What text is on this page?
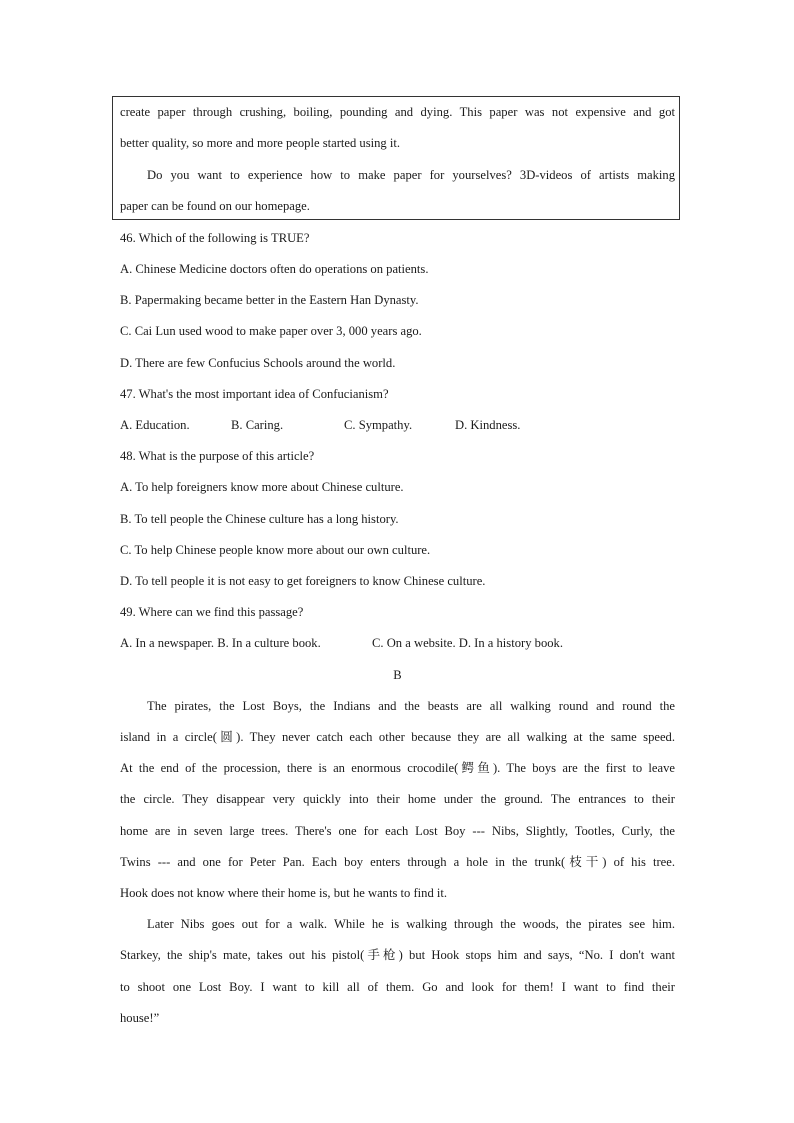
create paper through crushing, boiling, pounding and dying. This paper was not expensive and got
better quality, so more and more people started using it.
Do you want to experience how to make paper for yourselves? 3D-videos of artists making
paper can be found on our homepage.
46. Which of the following is TRUE?
A. Chinese Medicine doctors often do operations on patients.
B. Papermaking became better in the Eastern Han Dynasty.
C. Cai Lun used wood to make paper over 3, 000 years ago.
D. There are few Confucius Schools around the world.
47. What's the most important idea of Confucianism?
A. Education.	B. Caring.	C. Sympathy.	D. Kindness.
48. What is the purpose of this article?
A. To help foreigners know more about Chinese culture.
B. To tell people the Chinese culture has a long history.
C. To help Chinese people know more about our own culture.
D. To tell people it is not easy to get foreigners to know Chinese culture.
49. Where can we find this passage?
A. In a newspaper. B. In a culture book.	C. On a website. D. In a history book.
B
The pirates, the Lost Boys, the Indians and the beasts are all walking round and round the
island in a circle(圆). They never catch each other because they are all walking at the same speed.
At the end of the procession, there is an enormous crocodile(鳄鱼). The boys are the first to leave
the circle. They disappear very quickly into their home under the ground. The entrances to their
home are in seven large trees. There's one for each Lost Boy --- Nibs, Slightly, Tootles, Curly, the
Twins --- and one for Peter Pan. Each boy enters through a hole in the trunk(枝干) of his tree.
Hook does not know where their home is, but he wants to find it.
Later Nibs goes out for a walk. While he is walking through the woods, the pirates see him.
Starkey, the ship's mate, takes out his pistol(手枪) but Hook stops him and says, “No. I don't want
to shoot one Lost Boy. I want to kill all of them. Go and look for them! I want to find their
house!”
